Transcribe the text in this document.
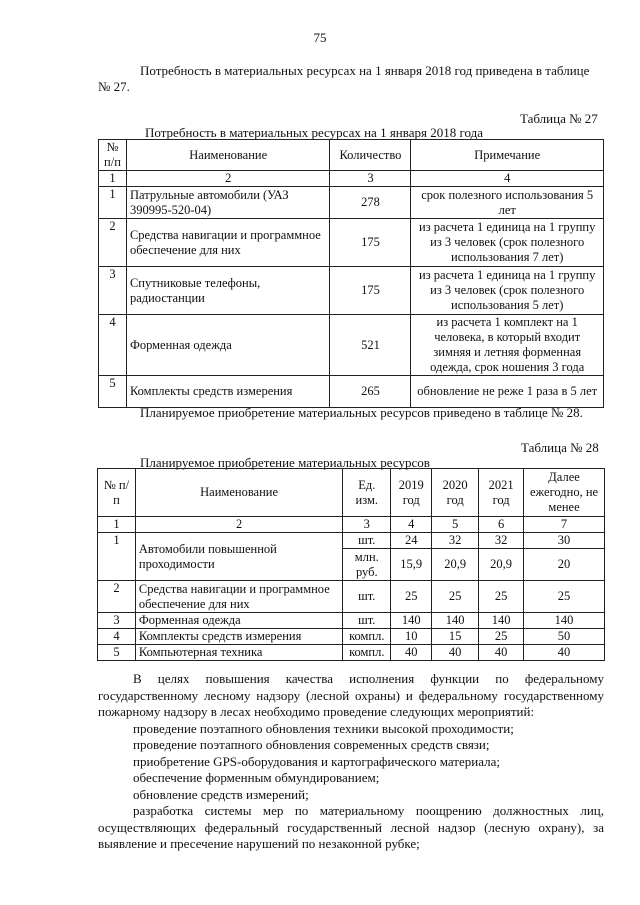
75
Потребность в материальных ресурсах на 1 января 2018 год приведена в таблице
№ 27.
Таблица № 27
Потребность в материальных ресурсах на 1 января 2018 года
№ п/п	Наименование	Количество	Примечание
1	2	3	4
1	Патрульные автомобили (УАЗ 390995-520-04)	278	срок полезного использования 5 лет
2	Средства навигации и программное обеспечение для них	175	из расчета 1 единица на 1 группу из 3 человек (срок полезного использования 7 лет)
3	Спутниковые телефоны, радиостанции	175	из расчета 1 единица на 1 группу из 3 человек (срок полезного использования 5 лет)
4	Форменная одежда	521	из расчета 1 комплект на 1 человека, в который входит зимняя и летняя форменная одежда, срок ношения 3 года
5	Комплекты средств измерения	265	обновление не реже 1 раза в 5 лет
Планируемое приобретение материальных ресурсов приведено в таблице № 28.
Таблица № 28
Планируемое приобретение материальных ресурсов
№ п/п	Наименование	Ед. изм.	2019 год	2020 год	2021 год	Далее ежегодно, не менее
1	2	3	4	5	6	7
1	Автомобили повышенной проходимости	шт.	24	32	32	30
		млн. руб.	15,9	20,9	20,9	20
2	Средства навигации и программное обеспечение для них	шт.	25	25	25	25
3	Форменная одежда	шт.	140	140	140	140
4	Комплекты средств измерения	компл.	10	15	25	50
5	Компьютерная техника	компл.	40	40	40	40
В целях повышения качества исполнения функции по федеральному
государственному лесному надзору (лесной охраны) и федеральному государственному
пожарному надзору в лесах необходимо проведение следующих мероприятий:
проведение поэтапного обновления техники высокой проходимости;
проведение поэтапного обновления современных средств связи;
приобретение GPS-оборудования и картографического материала;
обеспечение форменным обмундированием;
обновление средств измерений;
разработка системы мер по материальному поощрению должностных лиц,
осуществляющих федеральный государственный лесной надзор (лесную охрану), за
выявление и пресечение нарушений по незаконной рубке;
